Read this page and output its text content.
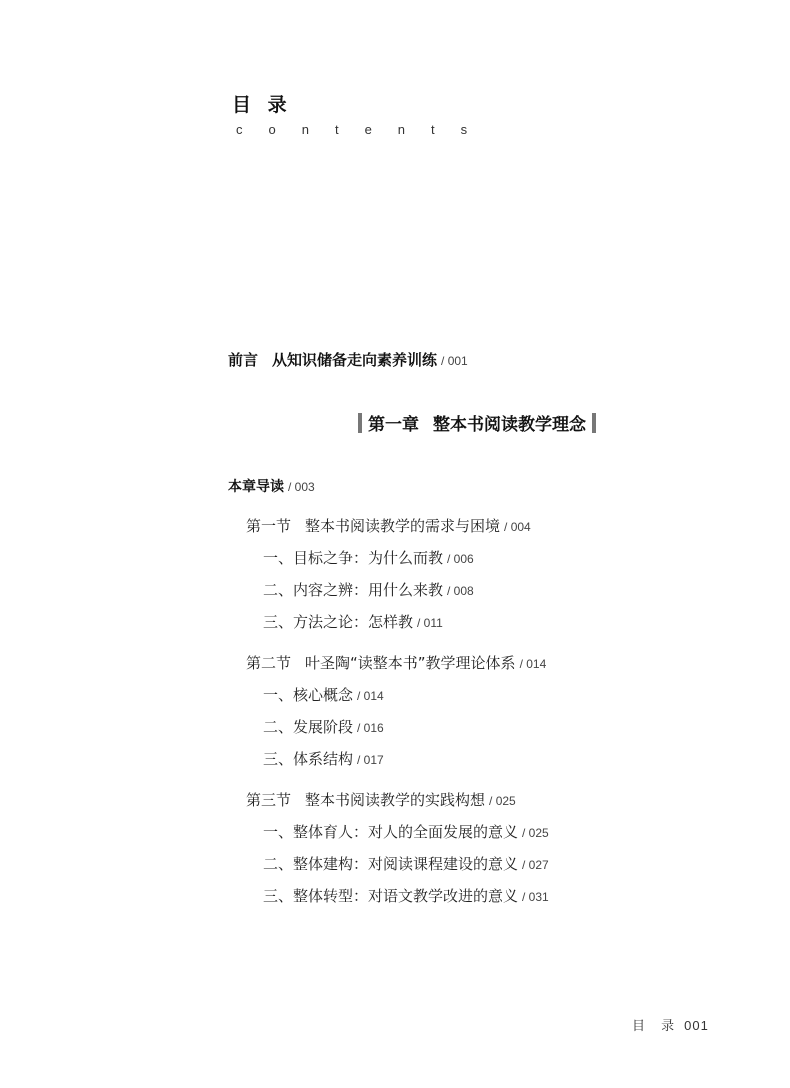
目 录
contents
前言 从知识储备走向素养训练 / 001
第一章 整本书阅读教学理念
本章导读 / 003
第一节 整本书阅读教学的需求与困境 / 004
一、目标之争：为什么而教 / 006
二、内容之辨：用什么来教 / 008
三、方法之论：怎样教 / 011
第二节 叶圣陶“读整本书”教学理论体系 / 014
一、核心概念 / 014
二、发展阶段 / 016
三、体系结构 / 017
第三节 整本书阅读教学的实践构想 / 025
一、整体育人：对人的全面发展的意义 / 025
二、整体建构：对阅读课程建设的意义 / 027
三、整体转型：对语文教学改进的意义 / 031
目 录 001
